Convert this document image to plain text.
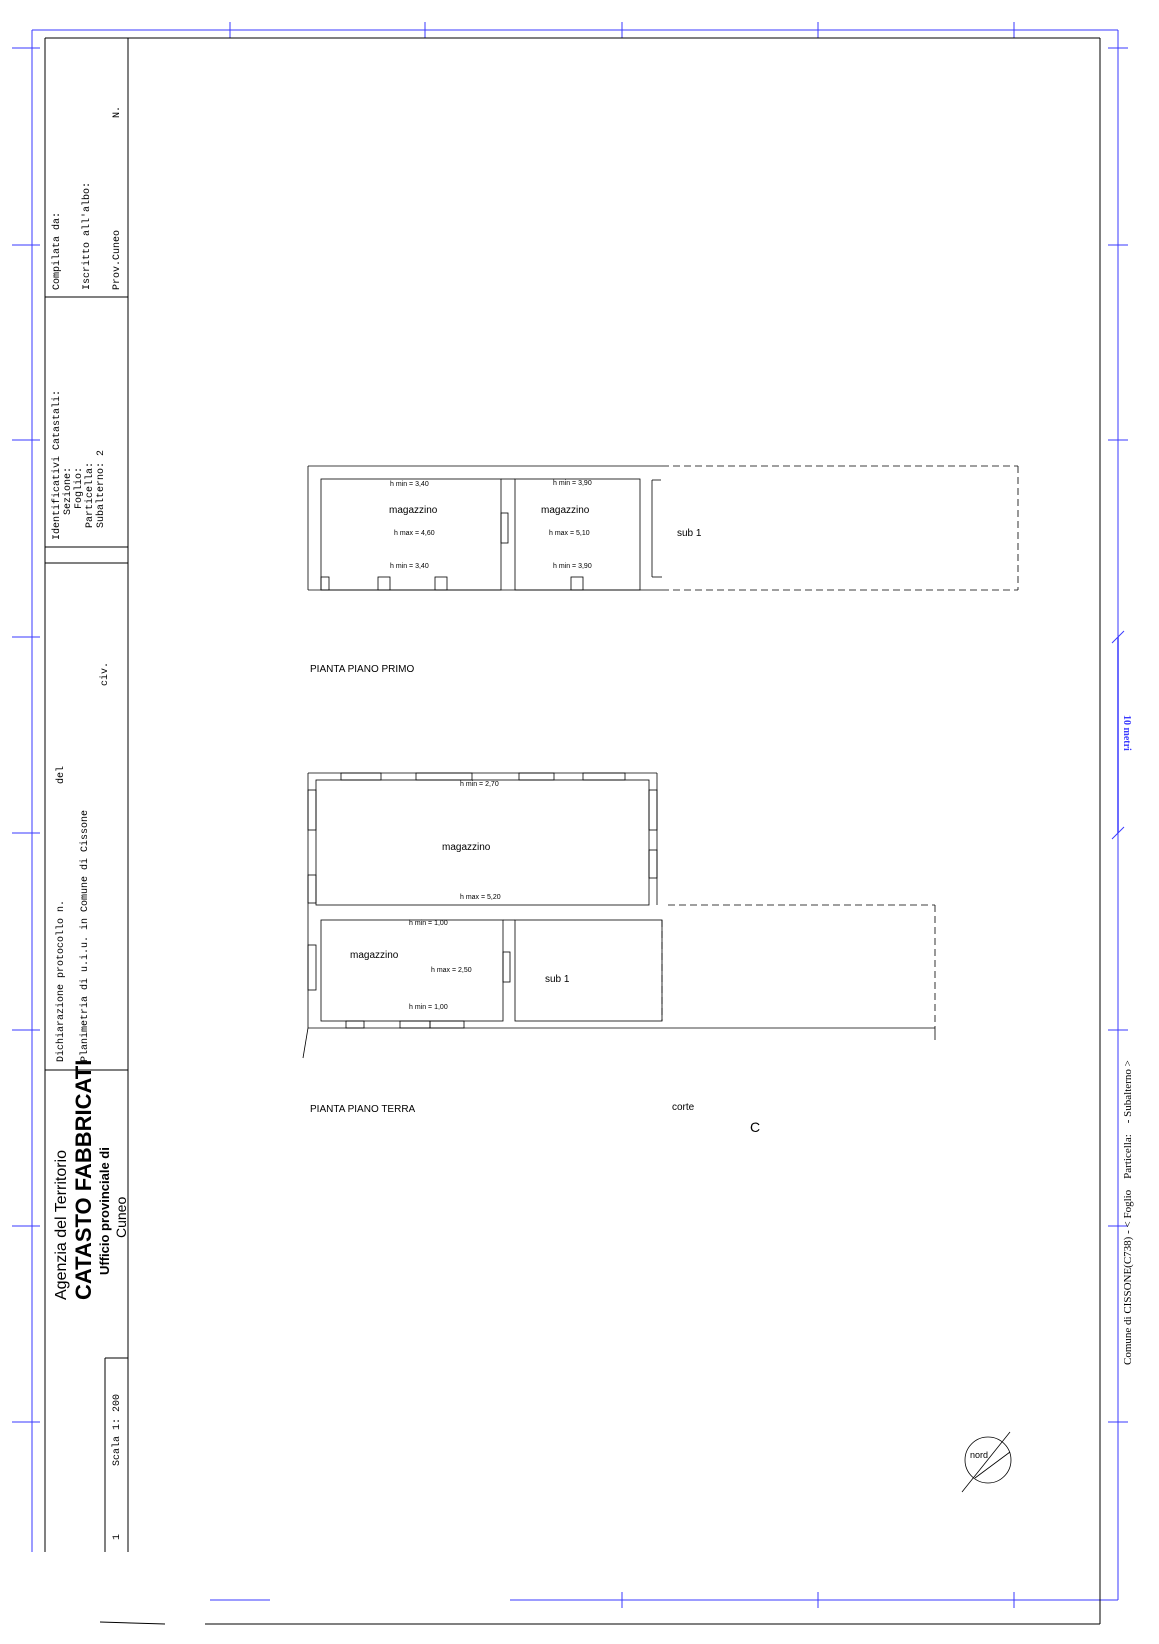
Agenzia del Territorio CATASTO FABBRICATI Ufficio provinciale di Cuneo
Dichiarazione protocollo n. del
Planimetria di u.i.u. in Comune di Cissone
civ.
Identificativi Catastali: Sezione: Foglio: Particella: Subalterno: 2
Compilata da: Iscritto all'albo: Prov.Cuneo
N.
Scala 1: 200
1
h min = 3,40
magazzino
h max = 4,60
h min = 3,40
h min = 3,90
magazzino
h max = 5,10
h min = 3,90
sub 1
PIANTA PIANO PRIMO
h min = 2,70
magazzino
h max = 5,20
h min = 1,00
magazzino
h max = 2,50
h min = 1,00
sub 1
PIANTA PIANO TERRA	corte
C
nord
10 metri
Comune di CISSONE(C738) - < Foglio    Particella:    - Subalterno >
